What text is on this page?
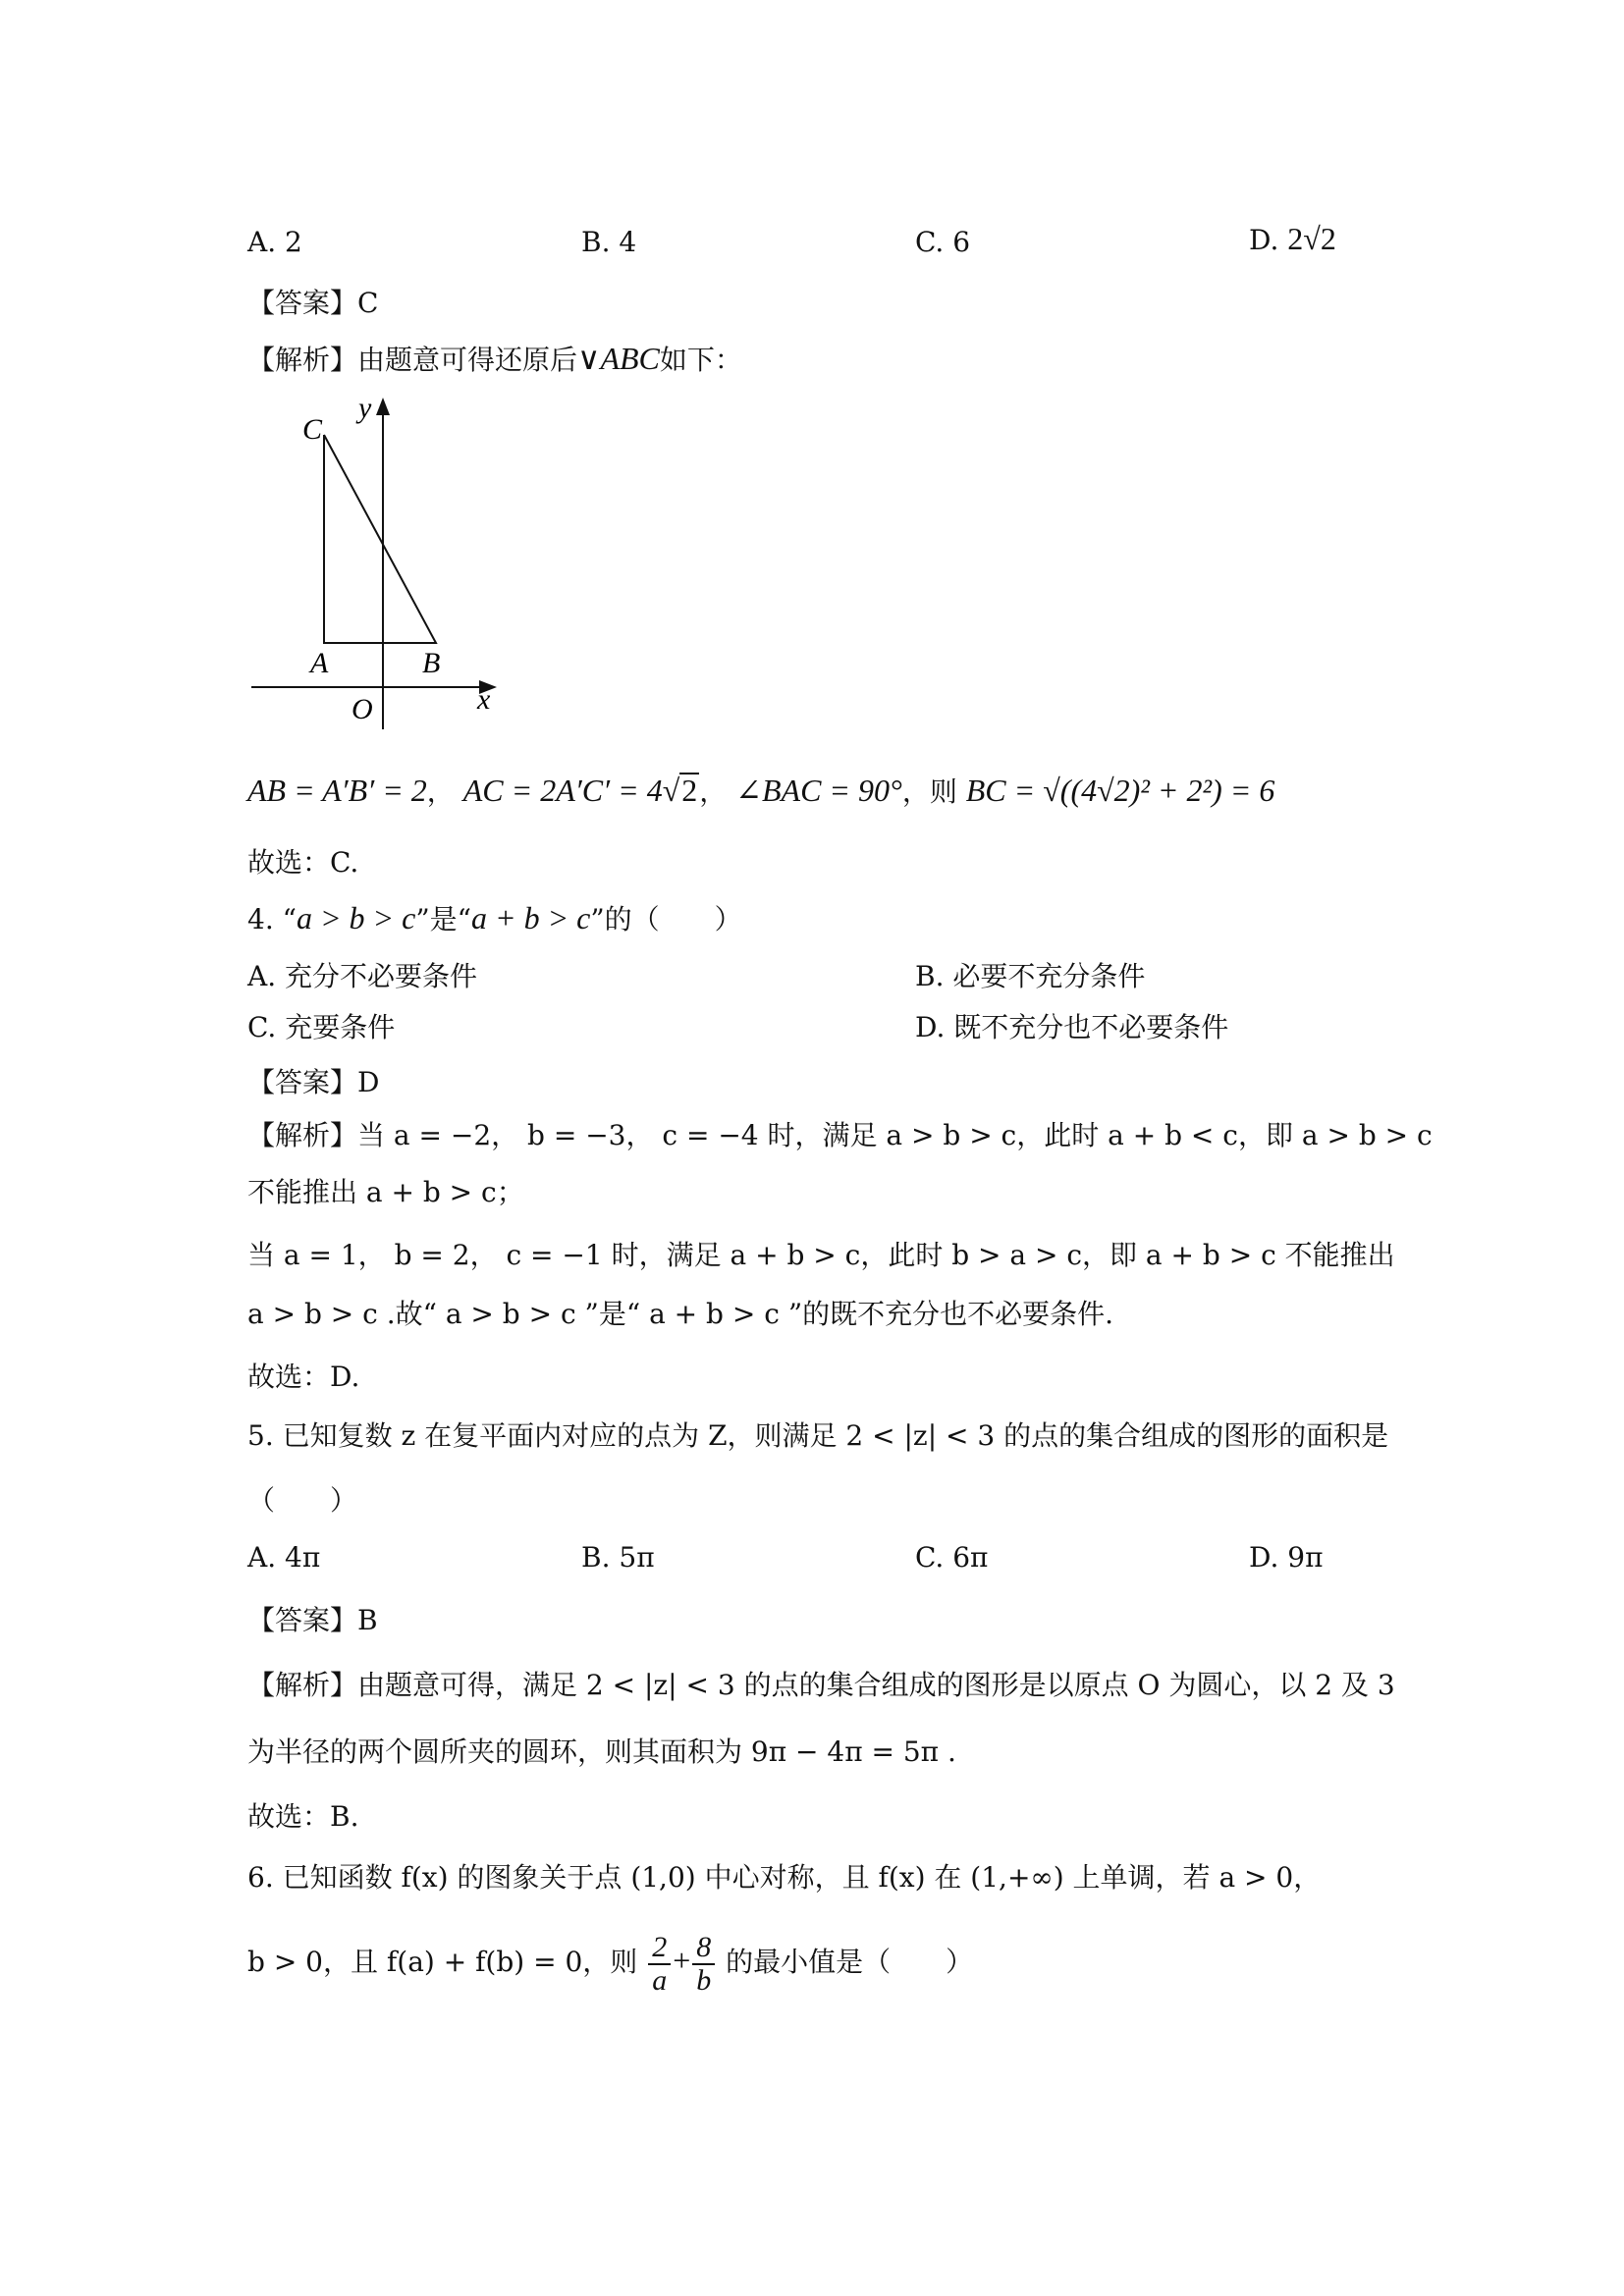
A. 2	B. 4	C. 6	D. 2√2
【答案】C
【解析】由题意可得还原后∨ABC如下：
C
y
A	B
O	x
AB = A′B′ = 2， AC = 2A′C′ = 4√2， ∠BAC = 90°，则 BC = √((4√2)² + 2²) = 6
故选：C.
4. “a > b > c”是“a + b > c”的（　　）
A. 充分不必要条件	B. 必要不充分条件
C. 充要条件	D. 既不充分也不必要条件
【答案】D
【解析】当 a = −2， b = −3， c = −4 时，满足 a > b > c，此时 a + b < c，即 a > b > c
不能推出 a + b > c；
当 a = 1， b = 2， c = −1 时，满足 a + b > c，此时 b > a > c，即 a + b > c 不能推出
a > b > c .故“ a > b > c ”是“ a + b > c ”的既不充分也不必要条件.
故选：D.
5. 已知复数 z 在复平面内对应的点为 Z，则满足 2 < |z| < 3 的点的集合组成的图形的面积是
（　　）
A. 4π	B. 5π	C. 6π	D. 9π
【答案】B
【解析】由题意可得，满足 2 < |z| < 3 的点的集合组成的图形是以原点 O 为圆心，以 2 及 3
为半径的两个圆所夹的圆环，则其面积为 9π − 4π = 5π .
故选：B.
6. 已知函数 f(x) 的图象关于点 (1,0) 中心对称，且 f(x) 在 (1,+∞) 上单调，若 a > 0，
b > 0，且 f(a) + f(b) = 0，则 $\frac{2}{a} + \frac{8}{b}$ 的最小值是（　　）
